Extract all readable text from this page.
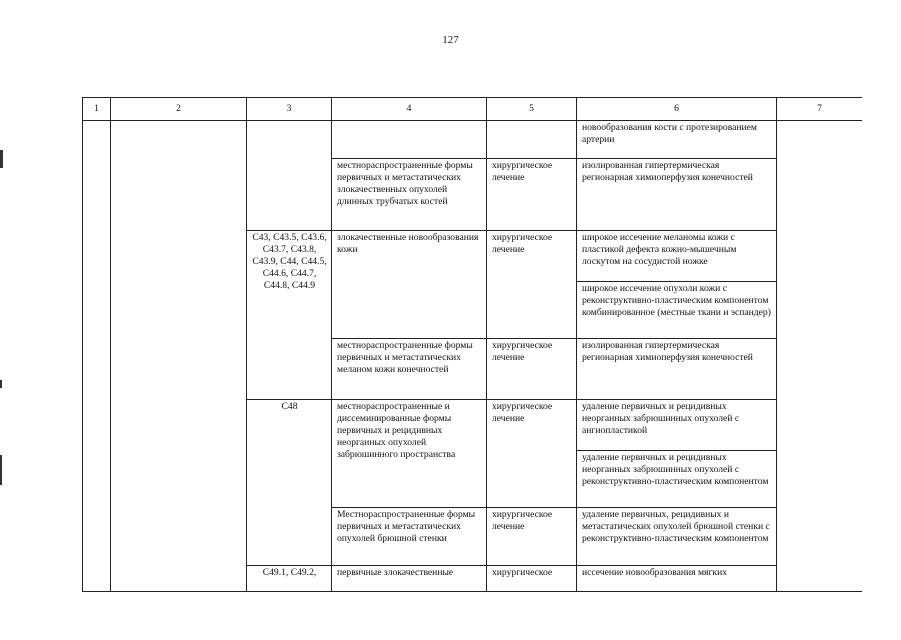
127
1	2	3	4	5	6	7
					новообразования кости с протезированием артерии	
			местнораспространенные формы первичных и метастатических злокачественных опухолей длинных трубчатых костей	хирургическое лечение	изолированная гипертермическая регионарная химиоперфузия конечностей	
		C43, C43.5, C43.6, C43.7, C43.8, C43.9, C44, C44.5, C44.6, C44.7, C44.8, C44.9	злокачественные новообразования кожи	хирургическое лечение	широкое иссечение меланомы кожи с пластикой дефекта кожно-мышечным лоскутом на сосудистой ножке	
					широкое иссечение опухоли кожи с реконструктивно-пластическим компонентом комбинированное (местные ткани и эспандер)	
			местнораспространенные формы первичных и метастатических меланом кожи конечностей	хирургическое лечение	изолированная гипертермическая регионарная химиоперфузия конечностей	
		C48	местнораспространенные и диссеминированные формы первичных и рецидивных неорганных опухолей забрюшинного пространства	хирургическое лечение	удаление первичных и рецидивных неорганных забрюшинных опухолей с ангиопластикой	
					удаление первичных и рецидивных неорганных забрюшинных опухолей с реконструктивно-пластическим компонентом	
			Местнораспространенные формы первичных и метастатических опухолей брюшной стенки	хирургическое лечение	удаление первичных, рецидивных и метастатических опухолей брюшной стенки с реконструктивно-пластическим компонентом	
		C49.1, C49.2,	первичные злокачественные	хирургическое	иссечение новообразования мягких	
